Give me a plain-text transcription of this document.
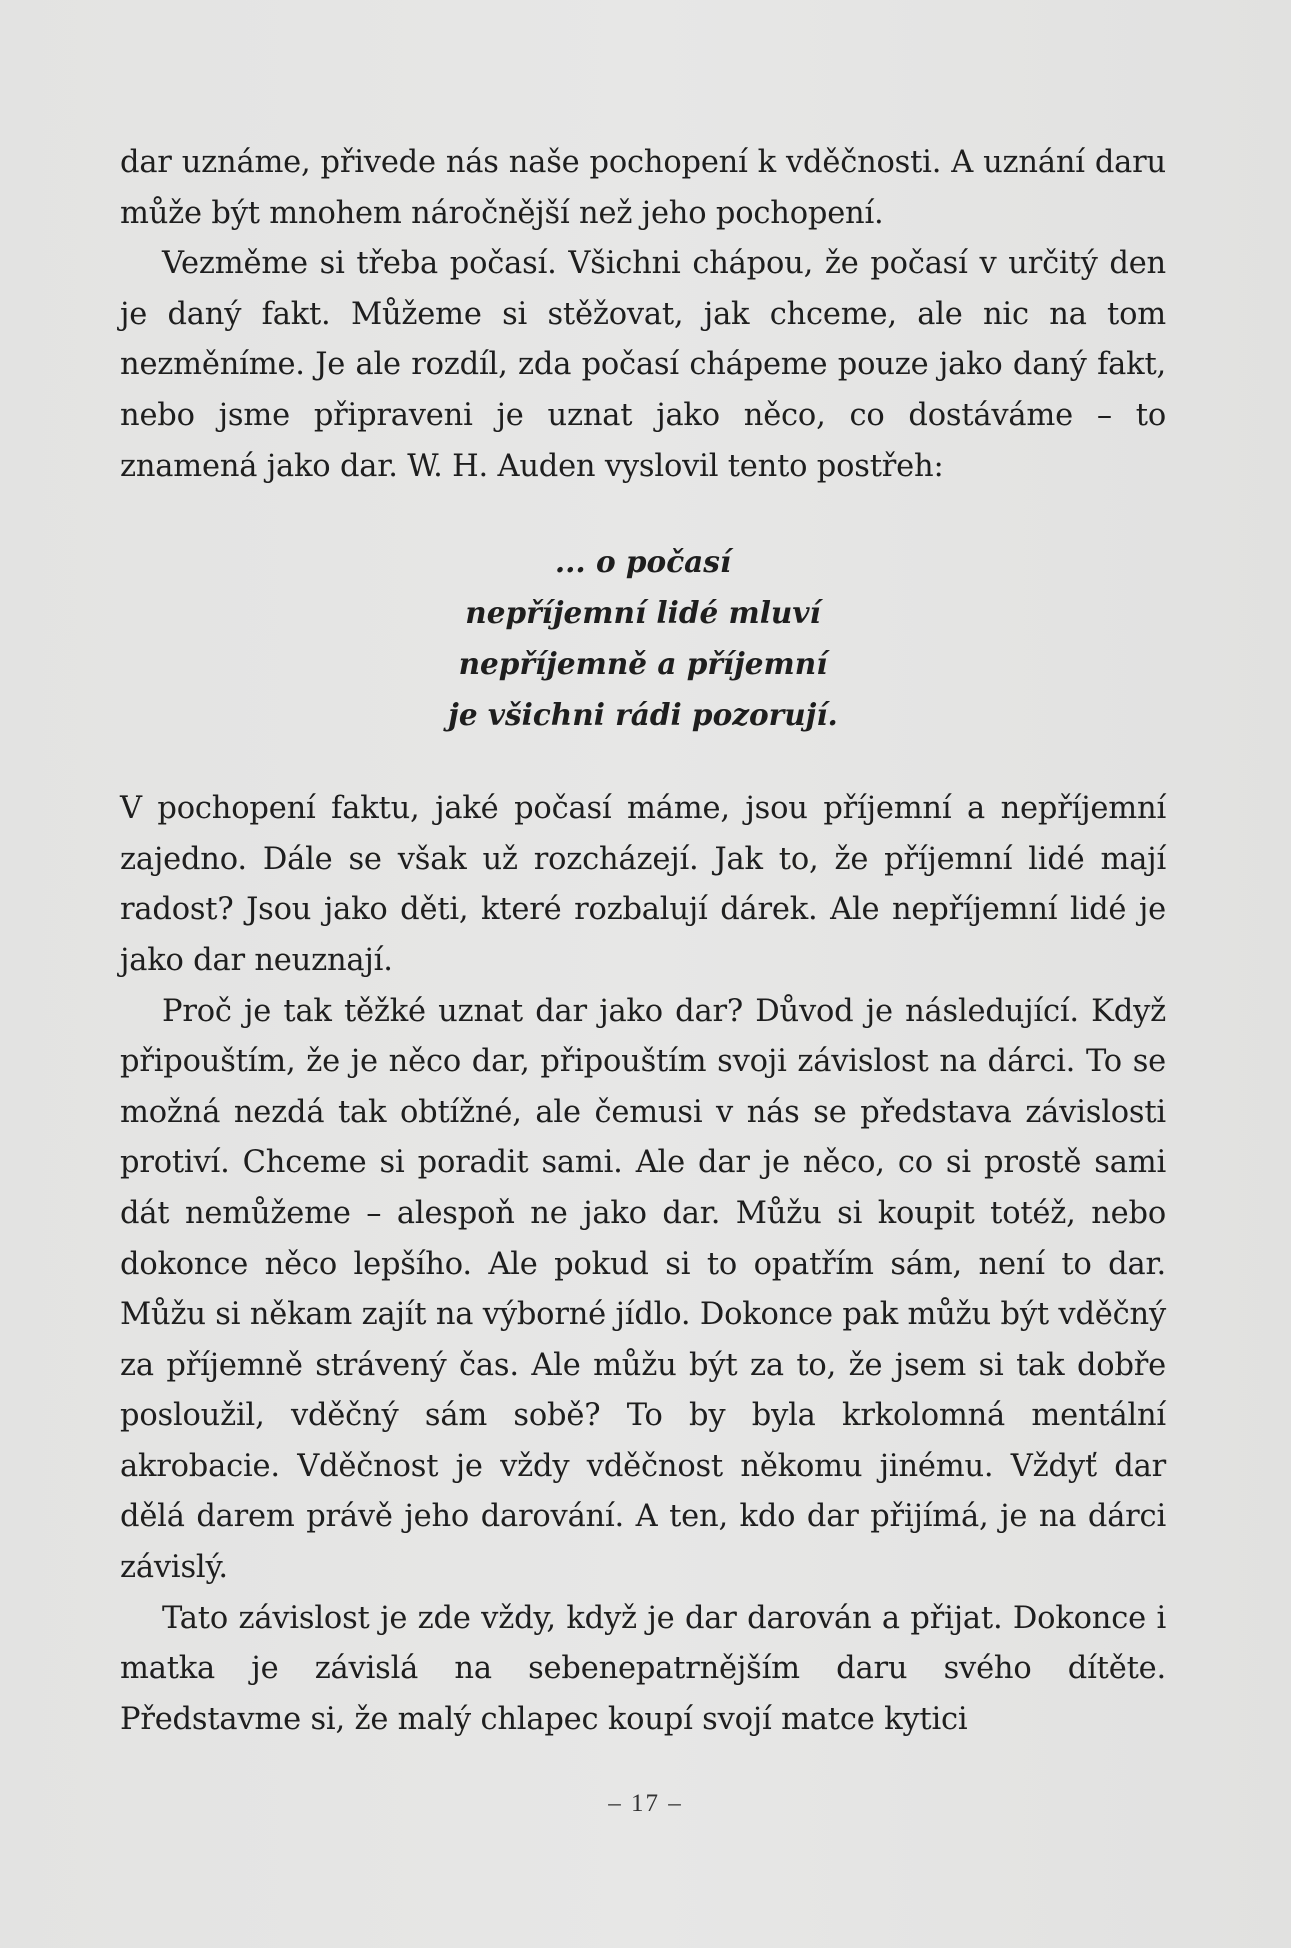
dar uznáme, přivede nás naše pochopení k vděčnosti. A uznání daru může být mnohem náročnější než jeho pochopení.

Vezměme si třeba počasí. Všichni chápou, že počasí v určitý den je daný fakt. Můžeme si stěžovat, jak chceme, ale nic na tom nezměníme. Je ale rozdíl, zda počasí chápeme pouze jako daný fakt, nebo jsme připraveni je uznat jako něco, co dostáváme – to znamená jako dar. W. H. Auden vyslovil tento postřeh:

... o počasí
nepříjemní lidé mluví
nepříjemně a příjemní
je všichni rádi pozorují.

V pochopení faktu, jaké počasí máme, jsou příjemní a nepříjemní zajedno. Dále se však už rozcházejí. Jak to, že příjemní lidé mají radost? Jsou jako děti, které rozbalují dárek. Ale nepříjemní lidé je jako dar neuznají.

Proč je tak těžké uznat dar jako dar? Důvod je následující. Když připouštím, že je něco dar, připouštím svoji závislost na dárci. To se možná nezdá tak obtížné, ale čemusi v nás se představa závislosti protiví. Chceme si poradit sami. Ale dar je něco, co si prostě sami dát nemůžeme – alespoň ne jako dar. Můžu si koupit totéž, nebo dokonce něco lepšího. Ale pokud si to opatřím sám, není to dar. Můžu si někam zajít na výborné jídlo. Dokonce pak můžu být vděčný za příjemně strávený čas. Ale můžu být za to, že jsem si tak dobře posloužil, vděčný sám sobě? To by byla krkolomná mentální akrobacie. Vděčnost je vždy vděčnost někomu jinému. Vždyť dar dělá darem právě jeho darování. A ten, kdo dar přijímá, je na dárci závislý.

Tato závislost je zde vždy, když je dar darován a přijat. Dokonce i matka je závislá na sebenepatrnějším daru svého dítěte. Představme si, že malý chlapec koupí svojí matce kytici

– 17 –
